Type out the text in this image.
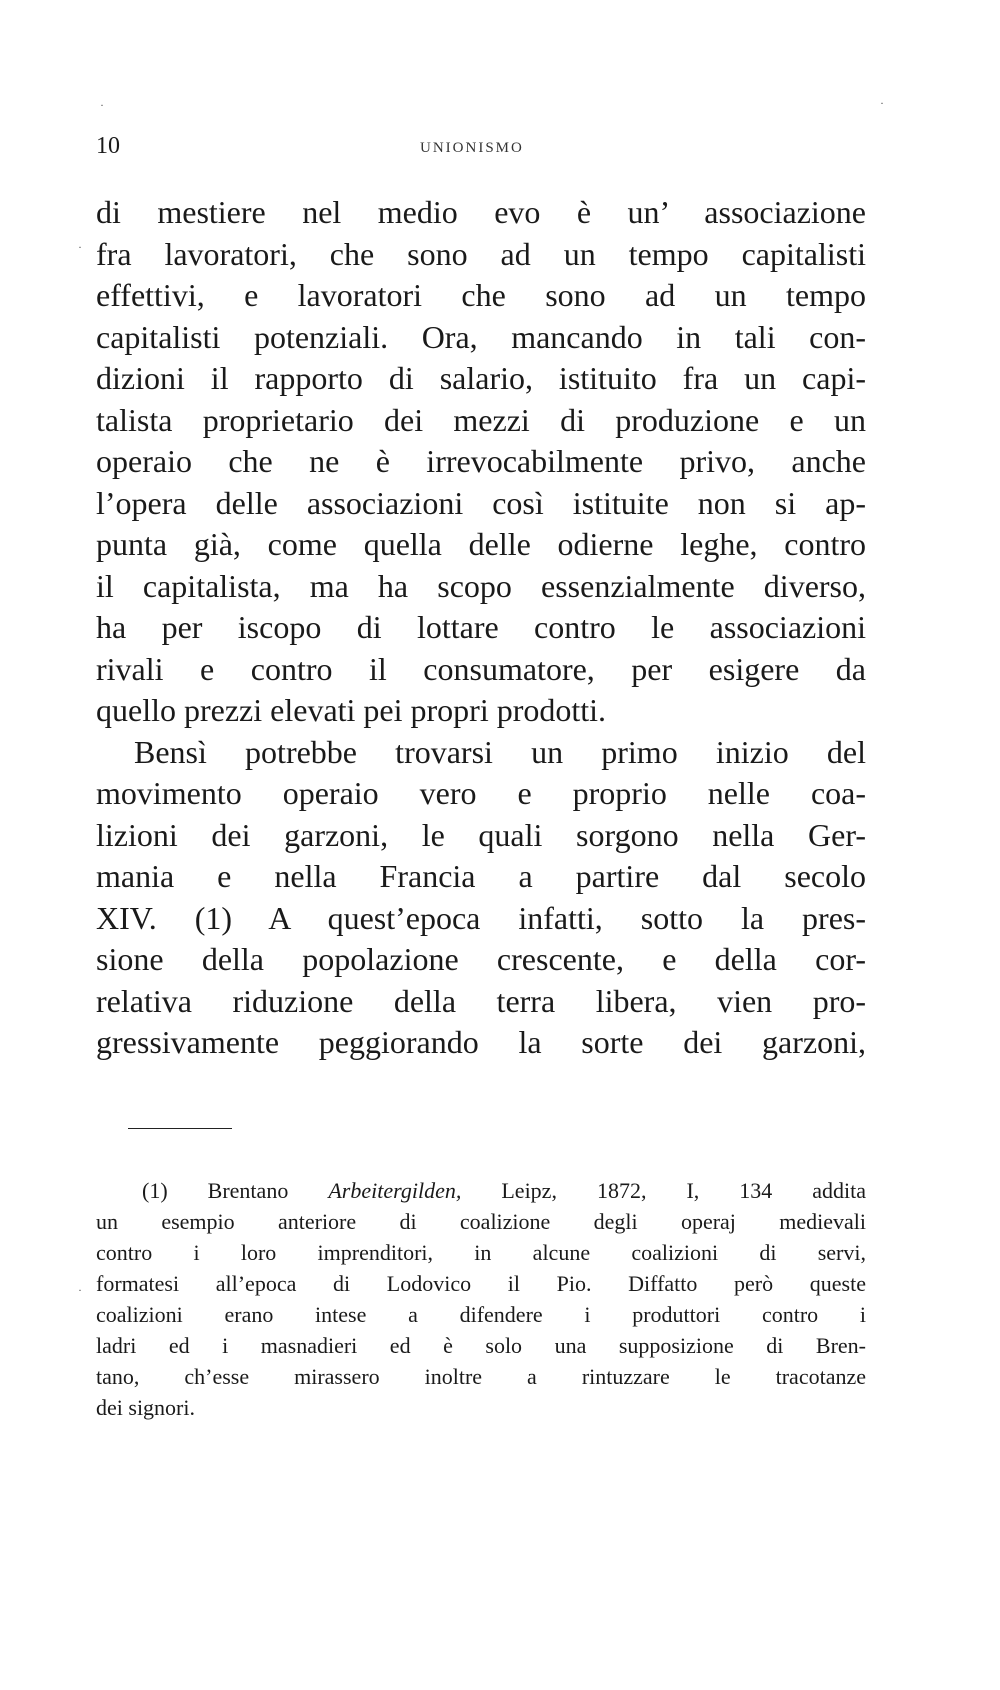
10	UNIONISMO
di mestiere nel medio evo è un’ associazione
fra lavoratori, che sono ad un tempo capitalisti
effettivi, e lavoratori che sono ad un tempo
capitalisti potenziali. Ora, mancando in tali con-
dizioni il rapporto di salario, istituito fra un capi-
talista proprietario dei mezzi di produzione e un
operaio che ne è irrevocabilmente privo, anche
l’opera delle associazioni così istituite non si ap-
punta già, come quella delle odierne leghe, contro
il capitalista, ma ha scopo essenzialmente diverso,
ha per iscopo di lottare contro le associazioni
rivali e contro il consumatore, per esigere da
quello prezzi elevati pei propri prodotti.
Bensì potrebbe trovarsi un primo inizio del
movimento operaio vero e proprio nelle coa-
lizioni dei garzoni, le quali sorgono nella Ger-
mania e nella Francia a partire dal secolo
XIV. (1) A quest’epoca infatti, sotto la pres-
sione della popolazione crescente, e della cor-
relativa riduzione della terra libera, vien pro-
gressivamente peggiorando la sorte dei garzoni,
(1) Brentano Arbeitergilden, Leipz, 1872, I, 134 addita
un esempio anteriore di coalizione degli operaj medievali
contro i loro imprenditori, in alcune coalizioni di servi,
formatesi all’epoca di Lodovico il Pio. Diffatto però queste
coalizioni erano intese a difendere i produttori contro i
ladri ed i masnadieri ed è solo una supposizione di Bren-
tano, ch’esse mirassero inoltre a rintuzzare le tracotanze
dei signori.
·	·
·
·
